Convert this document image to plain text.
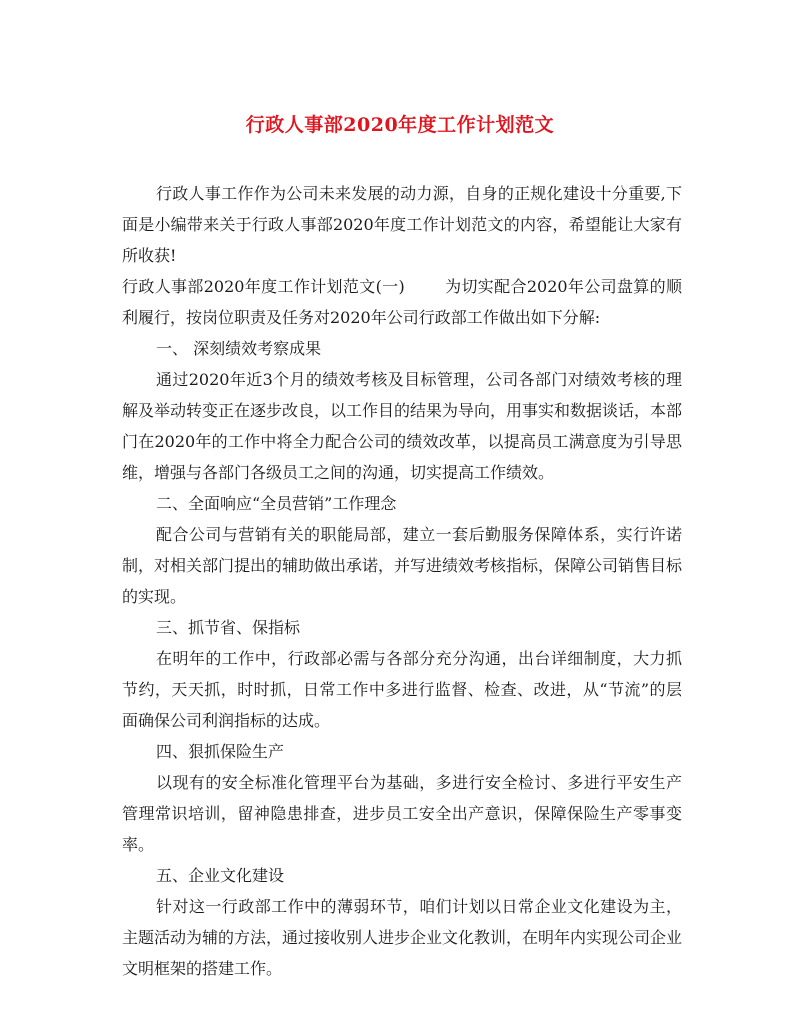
行政人事部2020年度工作计划范文

行政人事工作作为公司未来发展的动力源，自身的正规化建设十分重要,下面是小编带来关于行政人事部2020年度工作计划范文的内容，希望能让大家有所收获!

行政人事部2020年度工作计划范文(一)	为切实配合2020年公司盘算的顺利履行，按岗位职责及任务对2020年公司行政部工作做出如下分解:

一、 深刻绩效考察成果

通过2020年近3个月的绩效考核及目标管理，公司各部门对绩效考核的理解及举动转变正在逐步改良，以工作目的结果为导向，用事实和数据谈话，本部门在2020年的工作中将全力配合公司的绩效改革，以提高员工满意度为引导思维，增强与各部门各级员工之间的沟通，切实提高工作绩效。

二、全面响应“全员营销”工作理念

配合公司与营销有关的职能局部，建立一套后勤服务保障体系，实行许诺制，对相关部门提出的辅助做出承诺，并写进绩效考核指标，保障公司销售目标的实现。

三、抓节省、保指标

在明年的工作中，行政部必需与各部分充分沟通，出台详细制度，大力抓节约，天天抓，时时抓，日常工作中多进行监督、检查、改进，从“节流”的层面确保公司利润指标的达成。

四、狠抓保险生产

以现有的安全标准化管理平台为基础，多进行安全检讨、多进行平安生产管理常识培训，留神隐患排查，进步员工安全出产意识，保障保险生产零事变率。

五、企业文化建设

针对这一行政部工作中的薄弱环节，咱们计划以日常企业文化建设为主，主题活动为辅的方法，通过接收别人进步企业文化教训，在明年内实现公司企业文明框架的搭建工作。
